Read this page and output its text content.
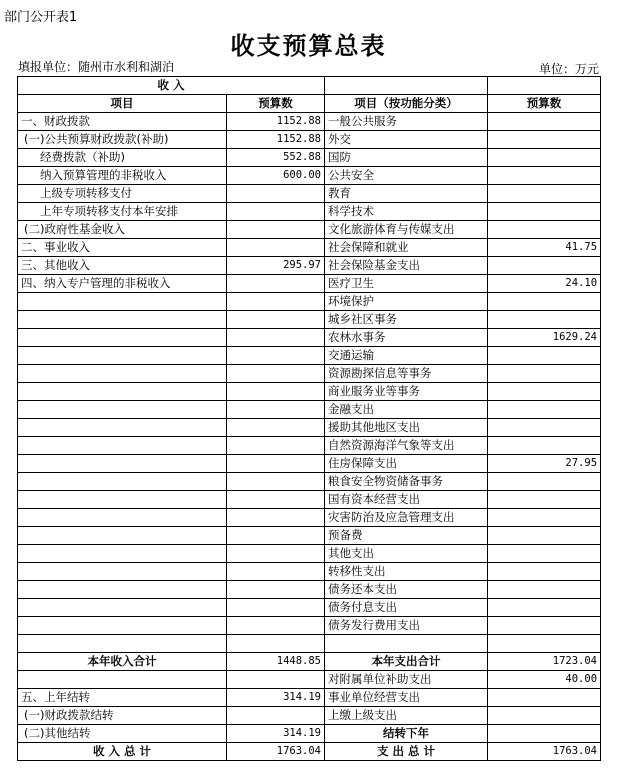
部门公开表1
收支预算总表
填报单位：随州市水利和湖泊	单位：万元
收 入			
项目	预算数	项目（按功能分类）	预算数
一、财政拨款	1152.88	一般公共服务	
(一)公共预算财政拨款(补助)	1152.88	外交	
经费拨款（补助)	552.88	国防	
纳入预算管理的非税收入	600.00	公共安全	
上级专项转移支付		教育	
上年专项转移支付本年安排		科学技术	
(二)政府性基金收入		文化旅游体育与传媒支出	
二、事业收入		社会保障和就业	41.75
三、其他收入	295.97	社会保险基金支出	
四、纳入专户管理的非税收入		医疗卫生	24.10
		环境保护	
		城乡社区事务	
		农林水事务	1629.24
		交通运输	
		资源勘探信息等事务	
		商业服务业等事务	
		金融支出	
		援助其他地区支出	
		自然资源海洋气象等支出	
		住房保障支出	27.95
		粮食安全物资储备事务	
		国有资本经营支出	
		灾害防治及应急管理支出	
		预备费	
		其他支出	
		转移性支出	
		债务还本支出	
		债务付息支出	
		债务发行费用支出	

本年收入合计	1448.85	本年支出合计	1723.04
		对附属单位补助支出	40.00
五、上年结转	314.19	事业单位经营支出	
(一)财政拨款结转		上缴上级支出	
(二)其他结转	314.19	结转下年	
收 入 总 计	1763.04	支 出 总 计	1763.04
